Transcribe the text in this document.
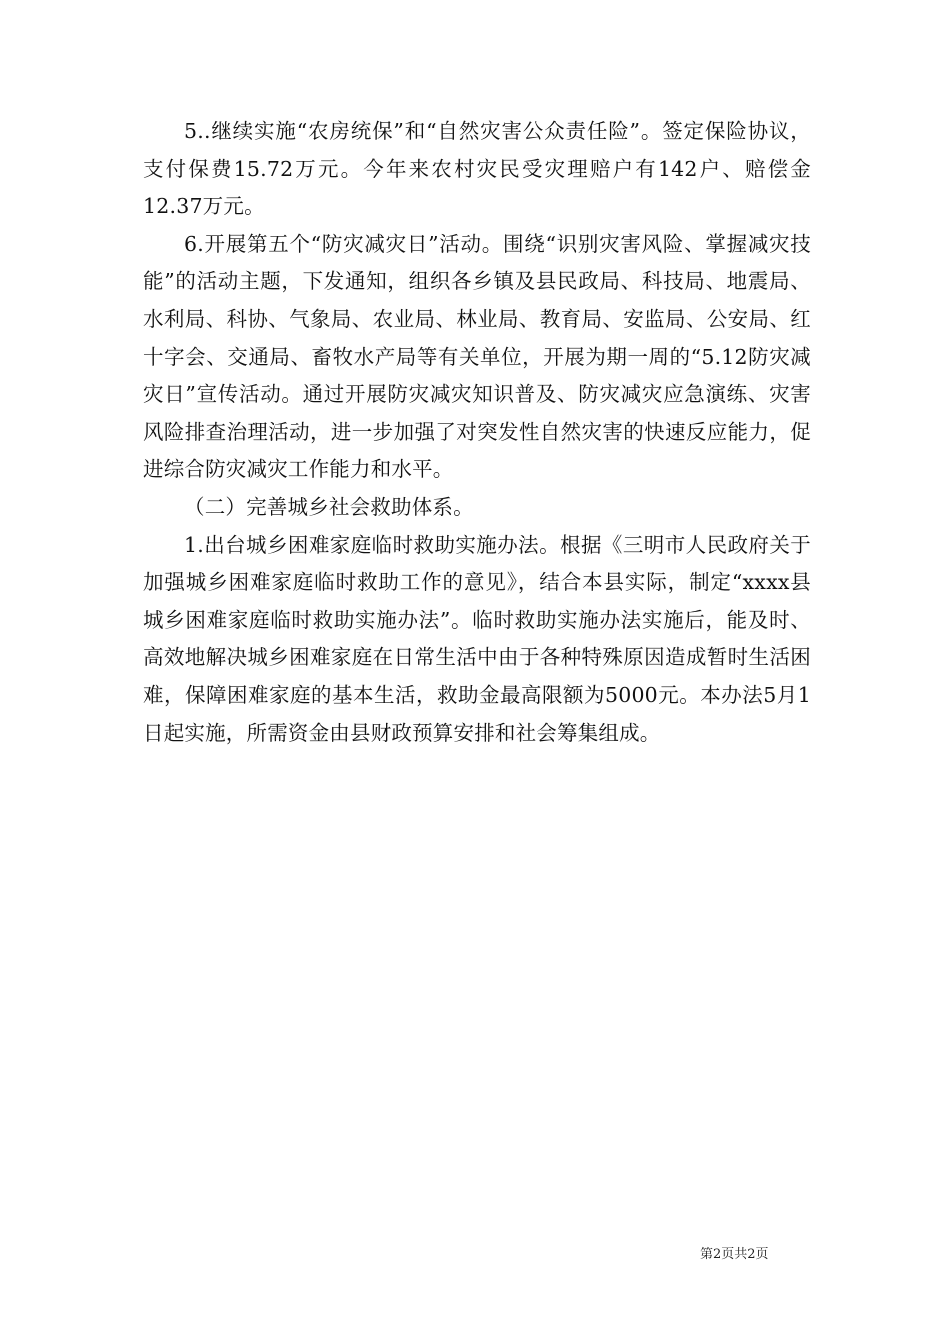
5..继续实施“农房统保”和“自然灾害公众责任险”。签定保险协议，支付保费15.72万元。今年来农村灾民受灾理赔户有142户、赔偿金12.37万元。

6.开展第五个“防灾减灾日”活动。围绕“识别灾害风险、掌握减灾技能”的活动主题，下发通知，组织各乡镇及县民政局、科技局、地震局、水利局、科协、气象局、农业局、林业局、教育局、安监局、公安局、红十字会、交通局、畜牧水产局等有关单位，开展为期一周的“5.12防灾减灾日”宣传活动。通过开展防灾减灾知识普及、防灾减灾应急演练、灾害风险排查治理活动，进一步加强了对突发性自然灾害的快速反应能力，促进综合防灾减灾工作能力和水平。

（二）完善城乡社会救助体系。

1.出台城乡困难家庭临时救助实施办法。根据《三明市人民政府关于加强城乡困难家庭临时救助工作的意见》，结合本县实际，制定“xxxx县城乡困难家庭临时救助实施办法”。临时救助实施办法实施后，能及时、高效地解决城乡困难家庭在日常生活中由于各种特殊原因造成暂时生活困难，保障困难家庭的基本生活，救助金最高限额为5000元。本办法5月1日起实施，所需资金由县财政预算安排和社会筹集组成。

第2页共2页
